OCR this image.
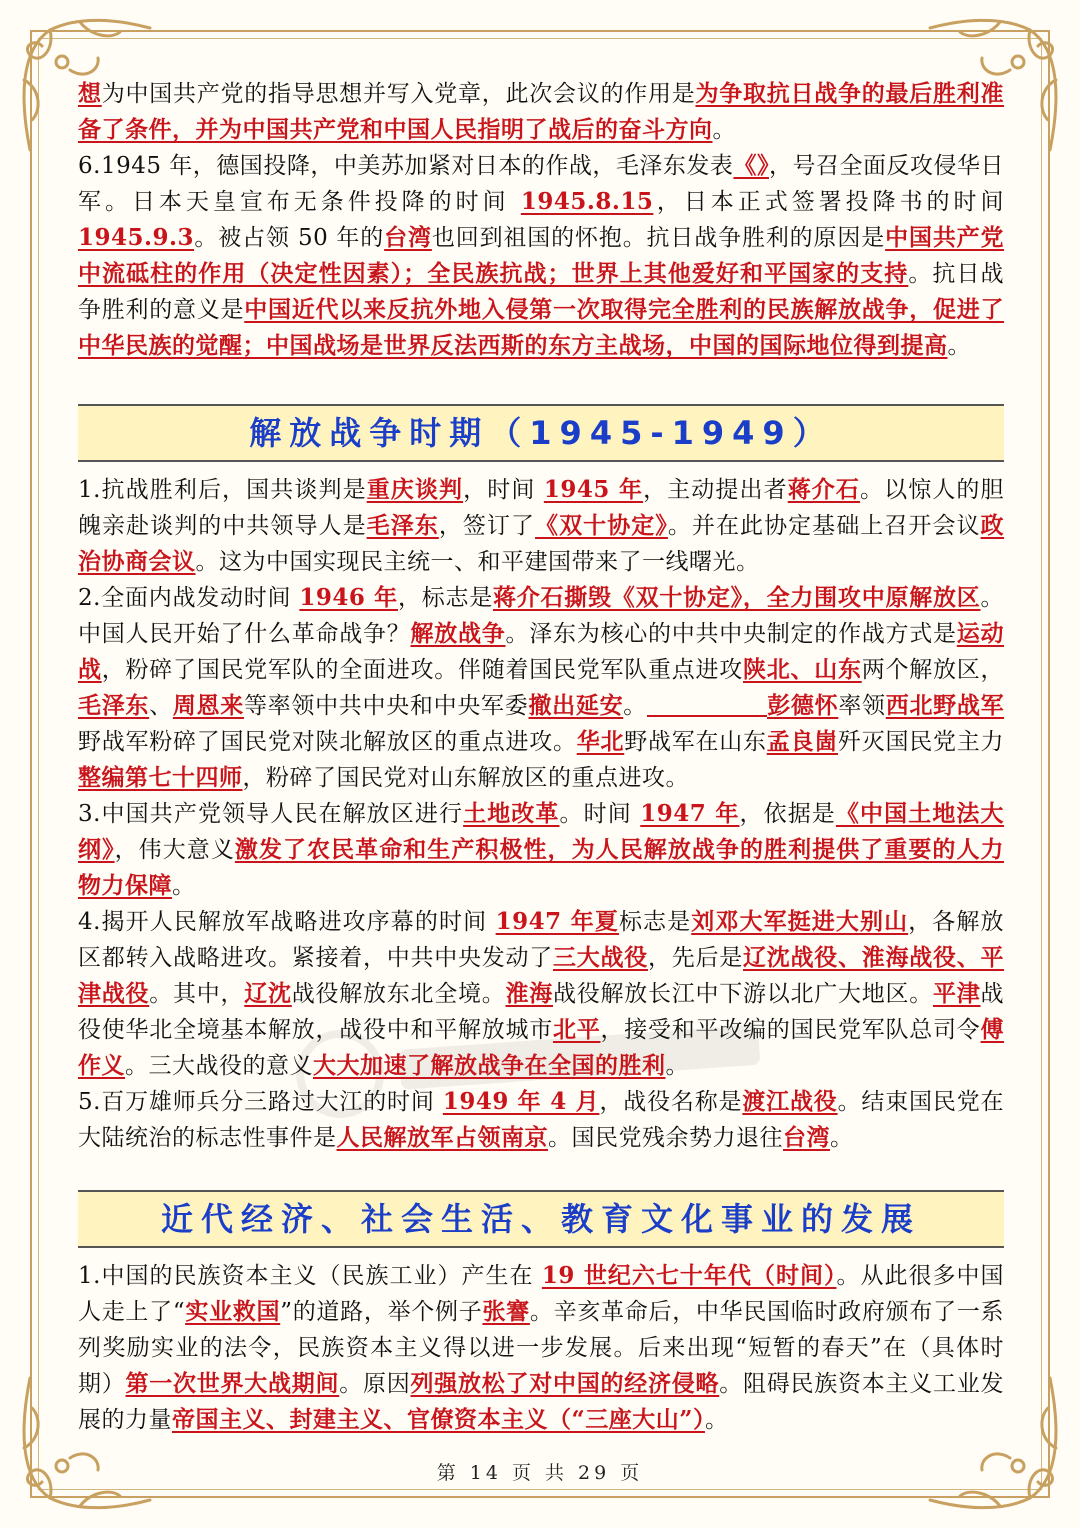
想为中国共产党的指导思想并写入党章，此次会议的作用是为争取抗日战争的最后胜利准备了条件，并为中国共产党和中国人民指明了战后的奋斗方向。

6.1945 年，德国投降，中美苏加紧对日本的作战，毛泽东发表《》，号召全面反攻侵华日军。日本天皇宣布无条件投降的时间 1945.8.15，日本正式签署投降书的时间 1945.9.3。被占领 50 年的台湾也回到祖国的怀抱。抗日战争胜利的原因是中国共产党中流砥柱的作用（决定性因素）；全民族抗战；世界上其他爱好和平国家的支持。抗日战争胜利的意义是中国近代以来反抗外地入侵第一次取得完全胜利的民族解放战争，促进了中华民族的觉醒；中国战场是世界反法西斯的东方主战场，中国的国际地位得到提高。

解放战争时期（1945-1949）

1.抗战胜利后，国共谈判是重庆谈判，时间 1945 年，主动提出者蒋介石。以惊人的胆魄亲赴谈判的中共领导人是毛泽东，签订了《双十协定》。并在此协定基础上召开会议政治协商会议。这为中国实现民主统一、和平建国带来了一线曙光。

2.全面内战发动时间 1946 年，标志是蒋介石撕毁《双十协定》，全力围攻中原解放区。中国人民开始了什么革命战争？解放战争。泽东为核心的中共中央制定的作战方式是运动战，粉碎了国民党军队的全面进攻。伴随着国民党军队重点进攻陕北、山东两个解放区，毛泽东、周恩来等率领中共中央和中央军委撤出延安。	彭德怀率领西北野战军野战军粉碎了国民党对陕北解放区的重点进攻。华北野战军在山东孟良崮歼灭国民党主力整编第七十四师，粉碎了国民党对山东解放区的重点进攻。

3.中国共产党领导人民在解放区进行土地改革。时间 1947 年，依据是《中国土地法大纲》，伟大意义激发了农民革命和生产积极性，为人民解放战争的胜利提供了重要的人力物力保障。

4.揭开人民解放军战略进攻序幕的时间 1947 年夏标志是刘邓大军挺进大别山，各解放区都转入战略进攻。紧接着，中共中央发动了三大战役，先后是辽沈战役、淮海战役、平津战役。其中，辽沈战役解放东北全境。淮海战役解放长江中下游以北广大地区。平津战役使华北全境基本解放，战役中和平解放城市北平，接受和平改编的国民党军队总司令傅作义。三大战役的意义大大加速了解放战争在全国的胜利。

5.百万雄师兵分三路过大江的时间 1949 年 4 月，战役名称是渡江战役。结束国民党在大陆统治的标志性事件是人民解放军占领南京。国民党残余势力退往台湾。

近代经济、社会生活、教育文化事业的发展

1.中国的民族资本主义（民族工业）产生在 19 世纪六七十年代（时间）。从此很多中国人走上了“实业救国”的道路，举个例子张謇。辛亥革命后，中华民国临时政府颁布了一系列奖励实业的法令，民族资本主义得以进一步发展。后来出现“短暂的春天”在（具体时期）第一次世界大战期间。原因列强放松了对中国的经济侵略。阻碍民族资本主义工业发展的力量帝国主义、封建主义、官僚资本主义（“三座大山”）。

第 14 页 共 29 页
